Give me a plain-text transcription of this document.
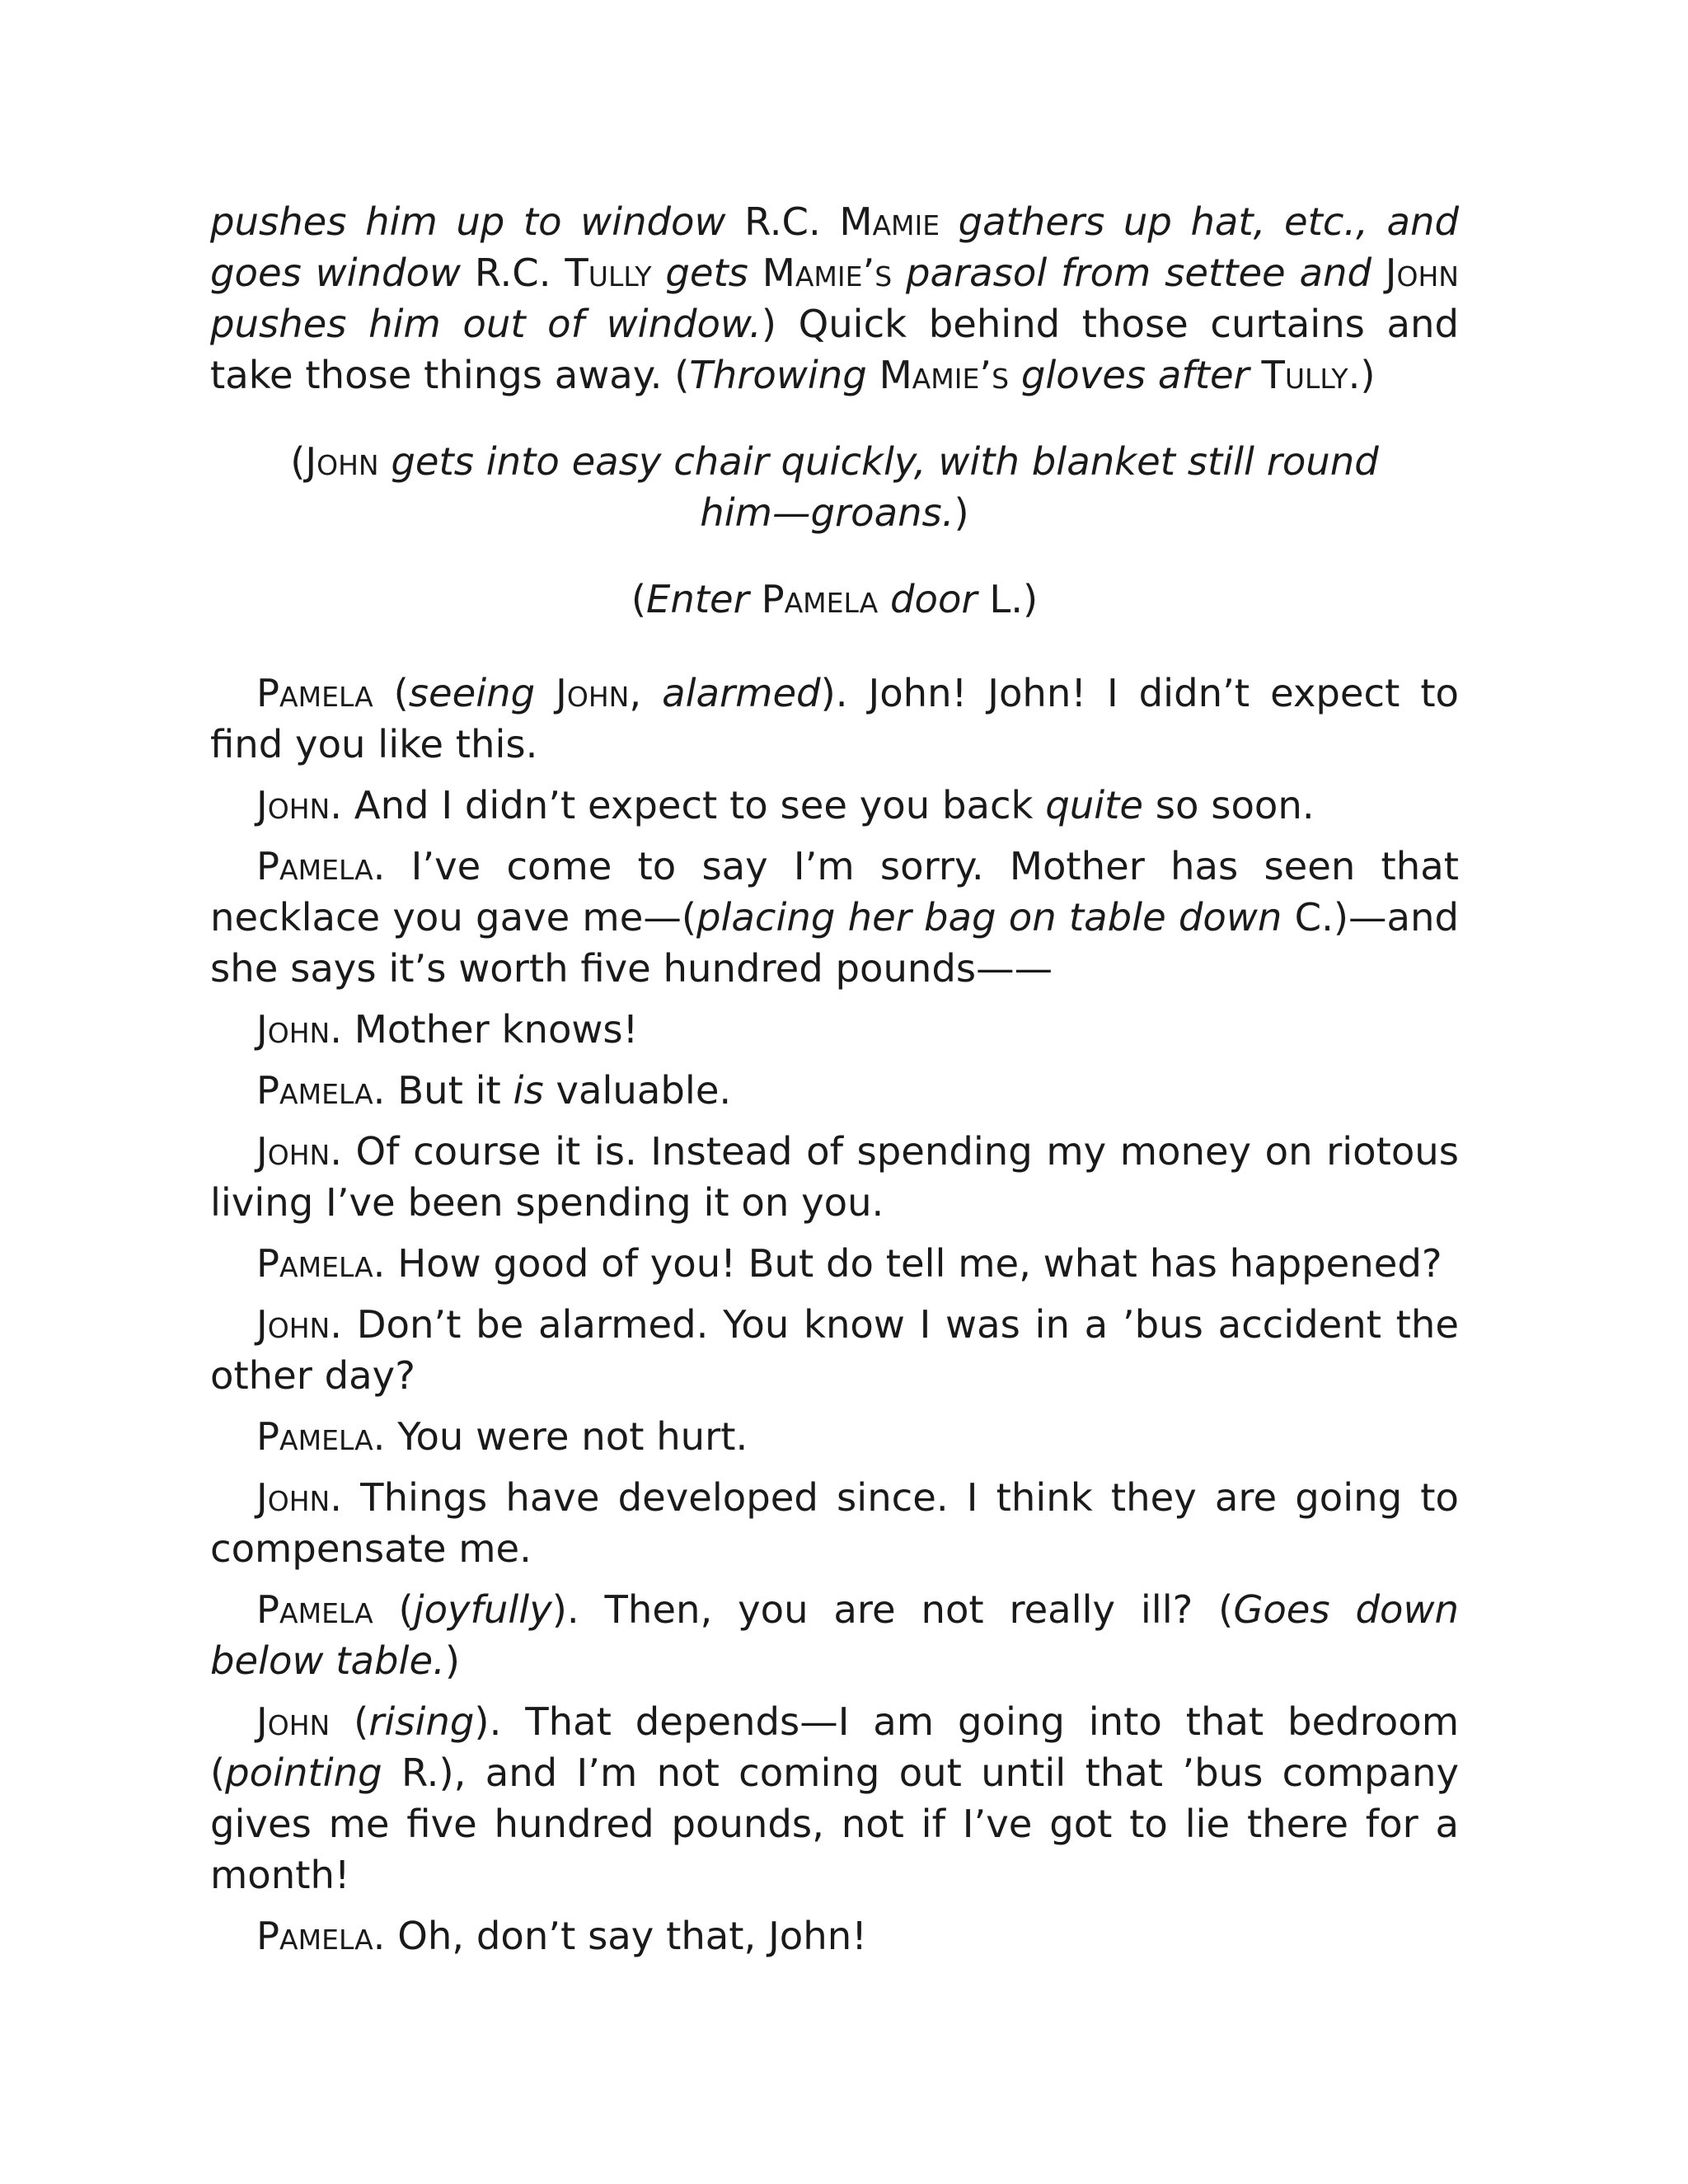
pushes him up to window R.C. Mamie gathers up hat, etc., and goes window R.C. Tully gets Mamie’s parasol from settee and John pushes him out of window.) Quick behind those curtains and take those things away. (Throwing Mamie’s gloves after Tully.)

(John gets into easy chair quickly, with blanket still round him—groans.)

(Enter Pamela door L.)

Pamela (seeing John, alarmed). John! John! I didn’t expect to find you like this.

John. And I didn’t expect to see you back quite so soon.

Pamela. I’ve come to say I’m sorry. Mother has seen that necklace you gave me—(placing her bag on table down C.)—and she says it’s worth five hundred pounds——

John. Mother knows!

Pamela. But it is valuable.

John. Of course it is. Instead of spending my money on riotous living I’ve been spending it on you.

Pamela. How good of you! But do tell me, what has happened?

John. Don’t be alarmed. You know I was in a ’bus accident the other day?

Pamela. You were not hurt.

John. Things have developed since. I think they are going to compensate me.

Pamela (joyfully). Then, you are not really ill? (Goes down below table.)

John (rising). That depends—I am going into that bedroom (pointing R.), and I’m not coming out until that ’bus company gives me five hundred pounds, not if I’ve got to lie there for a month!

Pamela. Oh, don’t say that, John!
